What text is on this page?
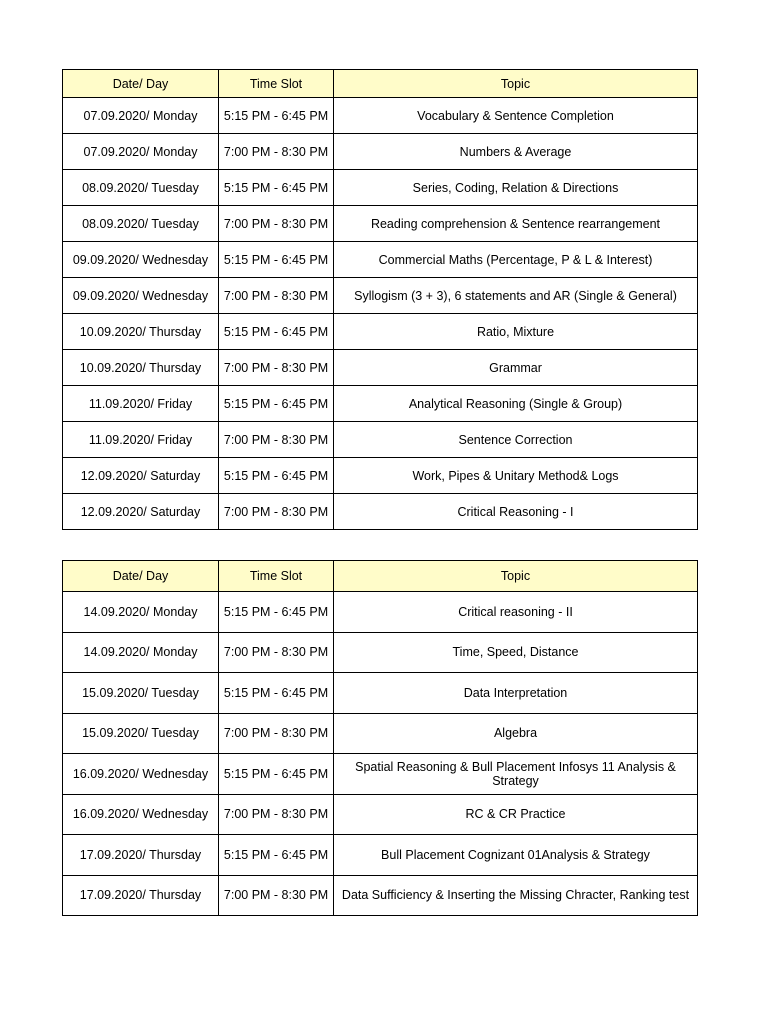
Date/ Day	Time Slot	Topic
07.09.2020/ Monday	5:15 PM - 6:45 PM	Vocabulary & Sentence Completion
07.09.2020/ Monday	7:00 PM - 8:30 PM	Numbers & Average
08.09.2020/ Tuesday	5:15 PM - 6:45 PM	Series, Coding, Relation & Directions
08.09.2020/ Tuesday	7:00 PM - 8:30 PM	Reading comprehension & Sentence rearrangement
09.09.2020/ Wednesday	5:15 PM - 6:45 PM	Commercial Maths (Percentage, P & L & Interest)
09.09.2020/ Wednesday	7:00 PM - 8:30 PM	Syllogism (3 + 3), 6 statements and AR (Single & General)
10.09.2020/ Thursday	5:15 PM - 6:45 PM	Ratio, Mixture
10.09.2020/ Thursday	7:00 PM - 8:30 PM	Grammar
11.09.2020/ Friday	5:15 PM - 6:45 PM	Analytical Reasoning (Single & Group)
11.09.2020/ Friday	7:00 PM - 8:30 PM	Sentence Correction
12.09.2020/ Saturday	5:15 PM - 6:45 PM	Work, Pipes & Unitary Method& Logs
12.09.2020/ Saturday	7:00 PM - 8:30 PM	Critical Reasoning - I
Date/ Day	Time Slot	Topic
14.09.2020/ Monday	5:15 PM - 6:45 PM	Critical reasoning - II
14.09.2020/ Monday	7:00 PM - 8:30 PM	Time, Speed, Distance
15.09.2020/ Tuesday	5:15 PM - 6:45 PM	Data Interpretation
15.09.2020/ Tuesday	7:00 PM - 8:30 PM	Algebra
16.09.2020/ Wednesday	5:15 PM - 6:45 PM	Spatial Reasoning & Bull Placement Infosys 11 Analysis & Strategy
16.09.2020/ Wednesday	7:00 PM - 8:30 PM	RC & CR Practice
17.09.2020/ Thursday	5:15 PM - 6:45 PM	Bull Placement Cognizant 01Analysis & Strategy
17.09.2020/ Thursday	7:00 PM - 8:30 PM	Data Sufficiency & Inserting the Missing Chracter, Ranking test
